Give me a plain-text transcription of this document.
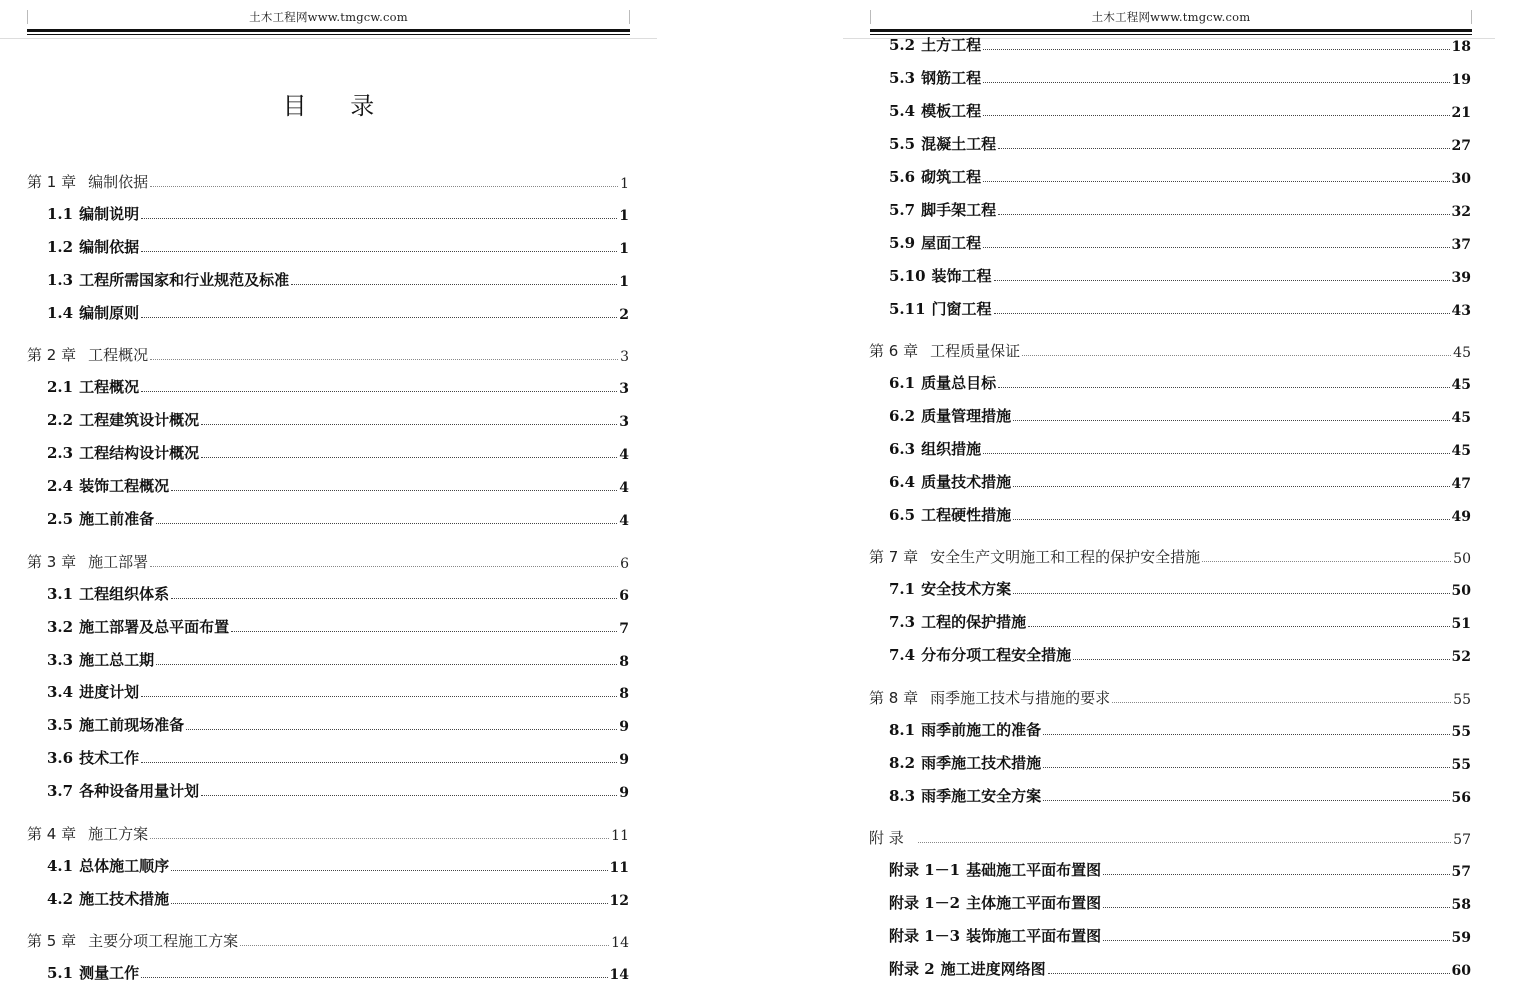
土木工程网www.tmgcw.com
目 录
第 1 章 编制依据	1
1.1 编制说明	1
1.2 编制依据	1
1.3 工程所需国家和行业规范及标准	1
1.4 编制原则	2
第 2 章 工程概况	3
2.1 工程概况	3
2.2 工程建筑设计概况	3
2.3 工程结构设计概况	4
2.4 装饰工程概况	4
2.5 施工前准备	4
第 3 章 施工部署	6
3.1 工程组织体系	6
3.2 施工部署及总平面布置	7
3.3 施工总工期	8
3.4 进度计划	8
3.5 施工前现场准备	9
3.6 技术工作	9
3.7 各种设备用量计划	9
第 4 章 施工方案	11
4.1 总体施工顺序	11
4.2 施工技术措施	12
第 5 章 主要分项工程施工方案	14
5.1 测量工作	14
土木工程网www.tmgcw.com
5.2 土方工程	18
5.3 钢筋工程	19
5.4 模板工程	21
5.5 混凝土工程	27
5.6 砌筑工程	30
5.7 脚手架工程	32
5.9 屋面工程	37
5.10 装饰工程	39
5.11 门窗工程	43
第 6 章 工程质量保证	45
6.1 质量总目标	45
6.2 质量管理措施	45
6.3 组织措施	45
6.4 质量技术措施	47
6.5 工程硬性措施	49
第 7 章 安全生产文明施工和工程的保护安全措施	50
7.1 安全技术方案	50
7.3 工程的保护措施	51
7.4 分布分项工程安全措施	52
第 8 章 雨季施工技术与措施的要求	55
8.1 雨季前施工的准备	55
8.2 雨季施工技术措施	55
8.3 雨季施工安全方案	56
附 录	57
附录 1－1 基础施工平面布置图	57
附录 1－2 主体施工平面布置图	58
附录 1－3 装饰施工平面布置图	59
附录 2 施工进度网络图	60
